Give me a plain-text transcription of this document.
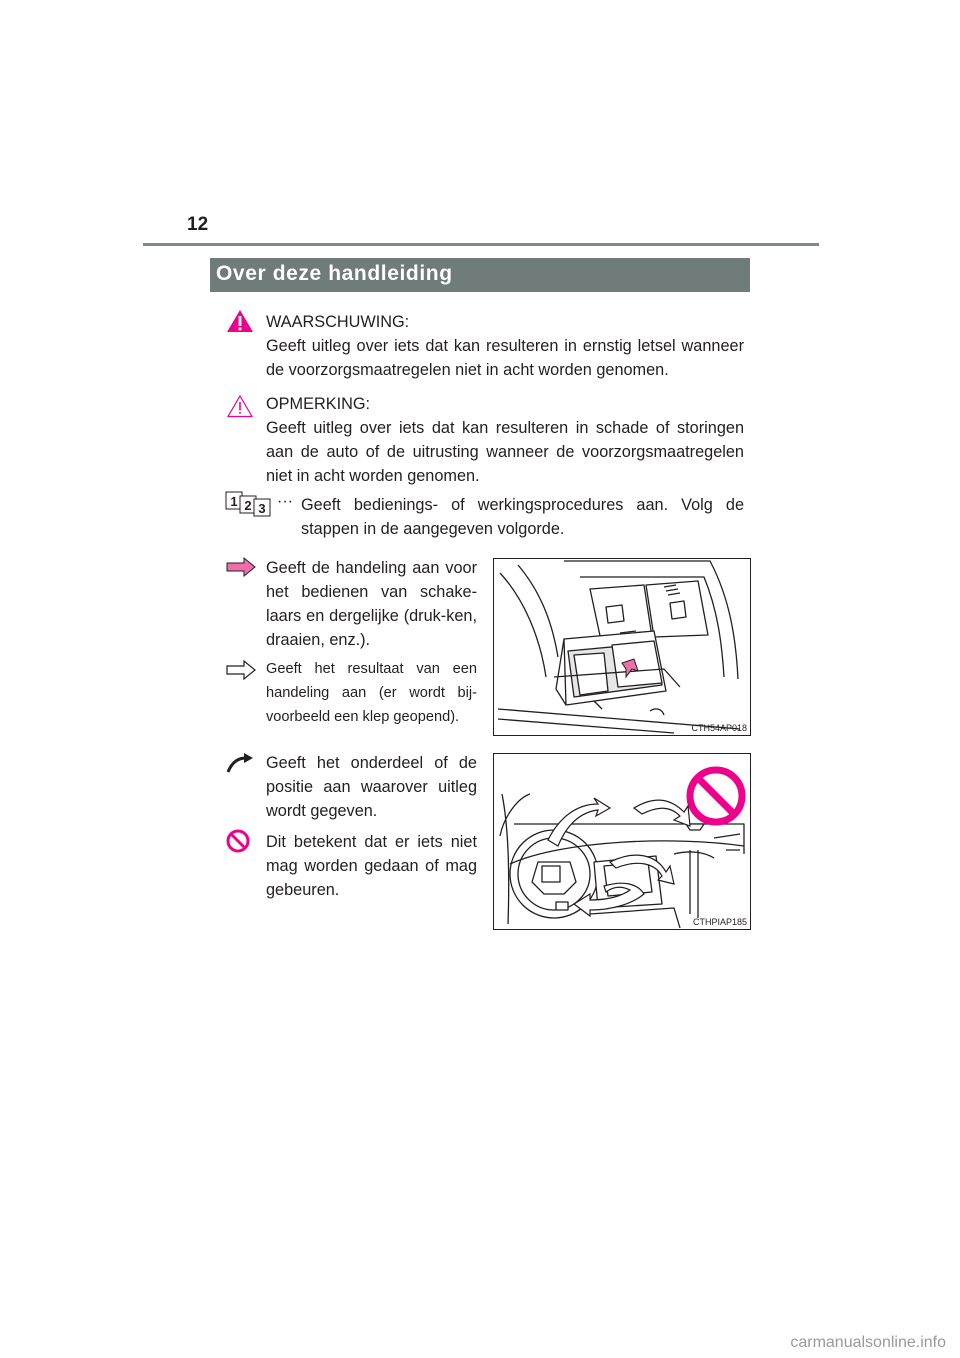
12
Over deze handleiding

WAARSCHUWING:

Geeft uitleg over iets dat kan resulteren in ernstig letsel wanneer de voorzorgsmaatregelen niet in acht worden genomen.

OPMERKING:

Geeft uitleg over iets dat kan resulteren in schade of storingen aan de auto of de uitrusting wanneer de voorzorgsmaatregelen niet in acht worden genomen.

1 2 3 ··· Geeft bedienings- of werkingsprocedures aan. Volg de stappen in de aangegeven volgorde.

Geeft de handeling aan voor het bedienen van schake-laars en dergelijke (druk-ken, draaien, enz.).

Geeft het resultaat van een handeling aan (er wordt bij-voorbeeld een klep geopend).

Geeft het onderdeel of de positie aan waarover uitleg wordt gegeven.

Dit betekent dat er iets niet mag worden gedaan of mag gebeuren.

CTH54AP018
CTHPIAP185
carmanualsonline.info
